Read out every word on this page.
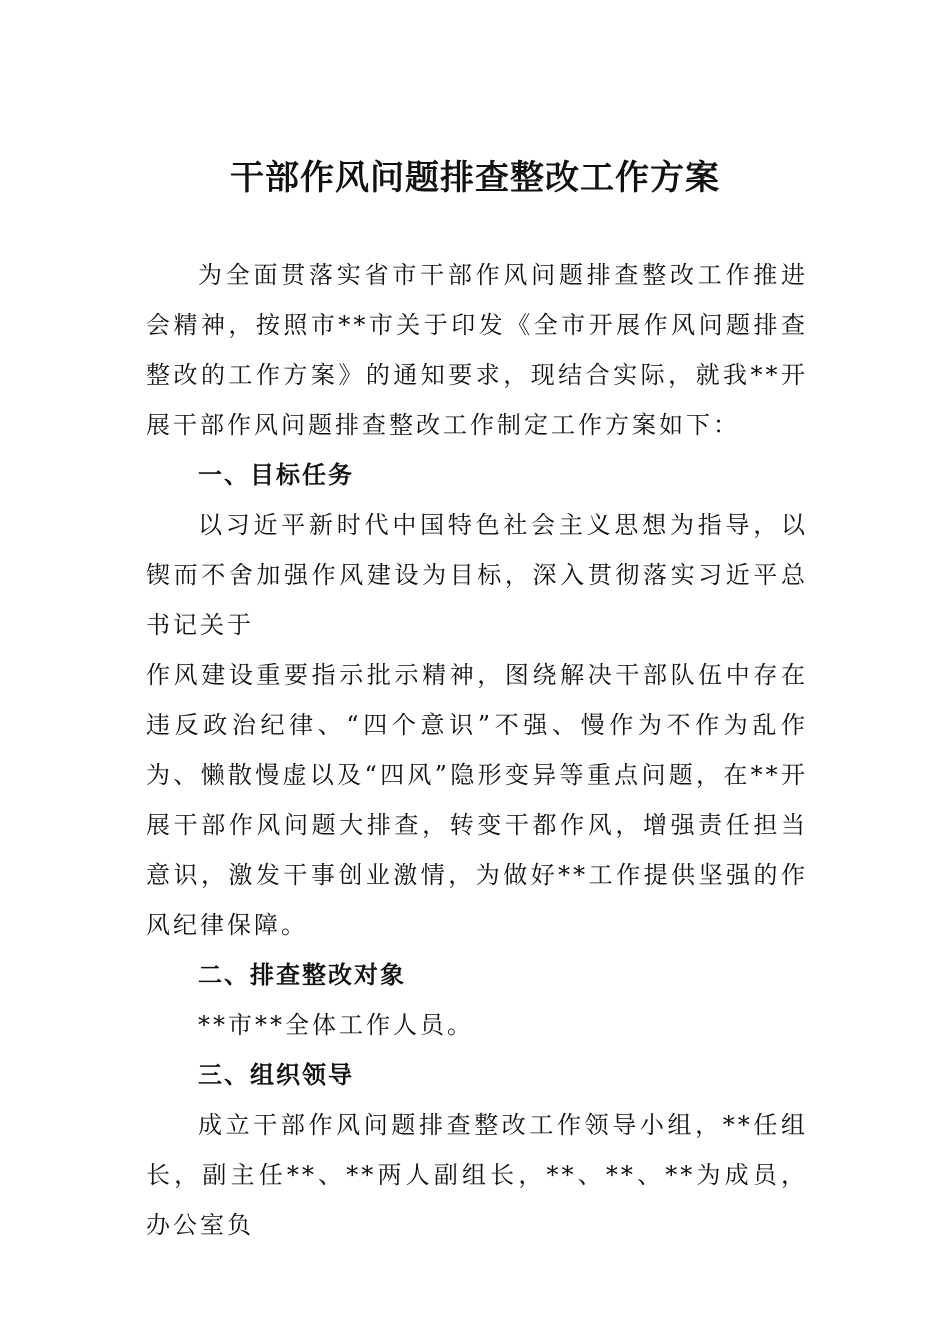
干部作风问题排查整改工作方案

为全面贯落实省市干部作风问题排查整改工作推进会精神，按照市**市关于印发《全市开展作风问题排查整改的工作方案》的通知要求，现结合实际，就我**开展干部作风问题排查整改工作制定工作方案如下：

一、目标任务

以习近平新时代中国特色社会主义思想为指导，以锲而不舍加强作风建设为目标，深入贯彻落实习近平总书记关于

作风建设重要指示批示精神，图绕解决干部队伍中存在违反政治纪律、“四个意识”不强、慢作为不作为乱作为、懒散慢虚以及“四风”隐形变异等重点问题，在**开展干部作风问题大排查，转变干都作风，增强责任担当意识，激发干事创业激情，为做好**工作提供坚强的作风纪律保障。

二、排查整改对象

**市**全体工作人员。

三、组织领导

成立干部作风问题排查整改工作领导小组，**任组长，副主任**、**两人副组长，**、**、**为成员，办公室负
